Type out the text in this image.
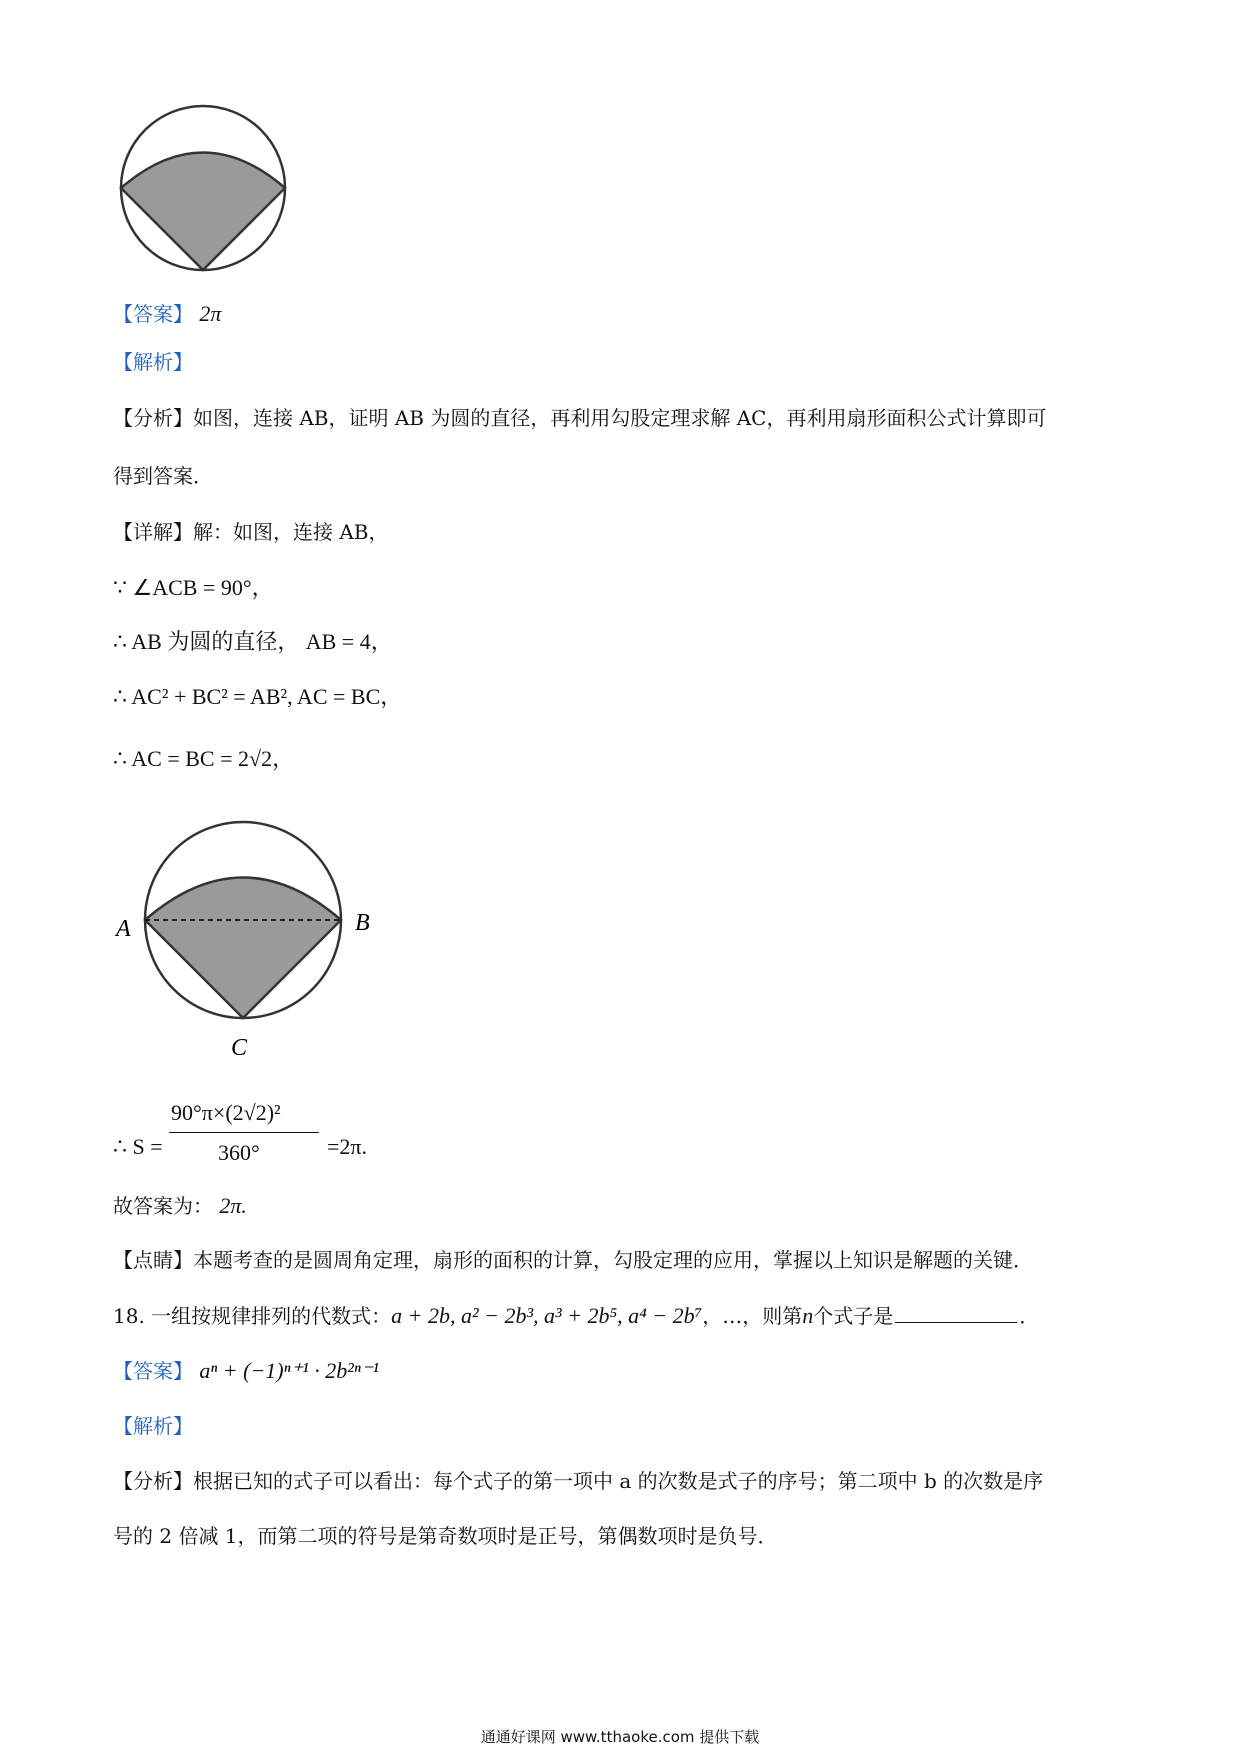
【答案】 2π
【解析】
【分析】如图，连接 AB，证明 AB 为圆的直径，再利用勾股定理求解 AC，再利用扇形面积公式计算即可
得到答案．
【详解】解：如图，连接 AB，
∵ ∠ACB = 90°，
∴ AB 为圆的直径， AB = 4，
∴ AC² + BC² = AB², AC = BC，
∴ AC = BC = 2√2，
A	B
C
∴ S =
90°π×(2√2)²
360°	=2π.
故答案为： 2π.
【点睛】本题考查的是圆周角定理，扇形的面积的计算，勾股定理的应用，掌握以上知识是解题的关键．
18. 一组按规律排列的代数式：a + 2b, a² − 2b³, a³ + 2b⁵, a⁴ − 2b⁷，…，则第n个式子是	．
【答案】 aⁿ + (−1)ⁿ⁺¹ · 2b²ⁿ⁻¹
【解析】
【分析】根据已知的式子可以看出：每个式子的第一项中 a 的次数是式子的序号；第二项中 b 的次数是序
号的 2 倍减 1，而第二项的符号是第奇数项时是正号，第偶数项时是负号．
通通好课网 www.tthaoke.com 提供下载
